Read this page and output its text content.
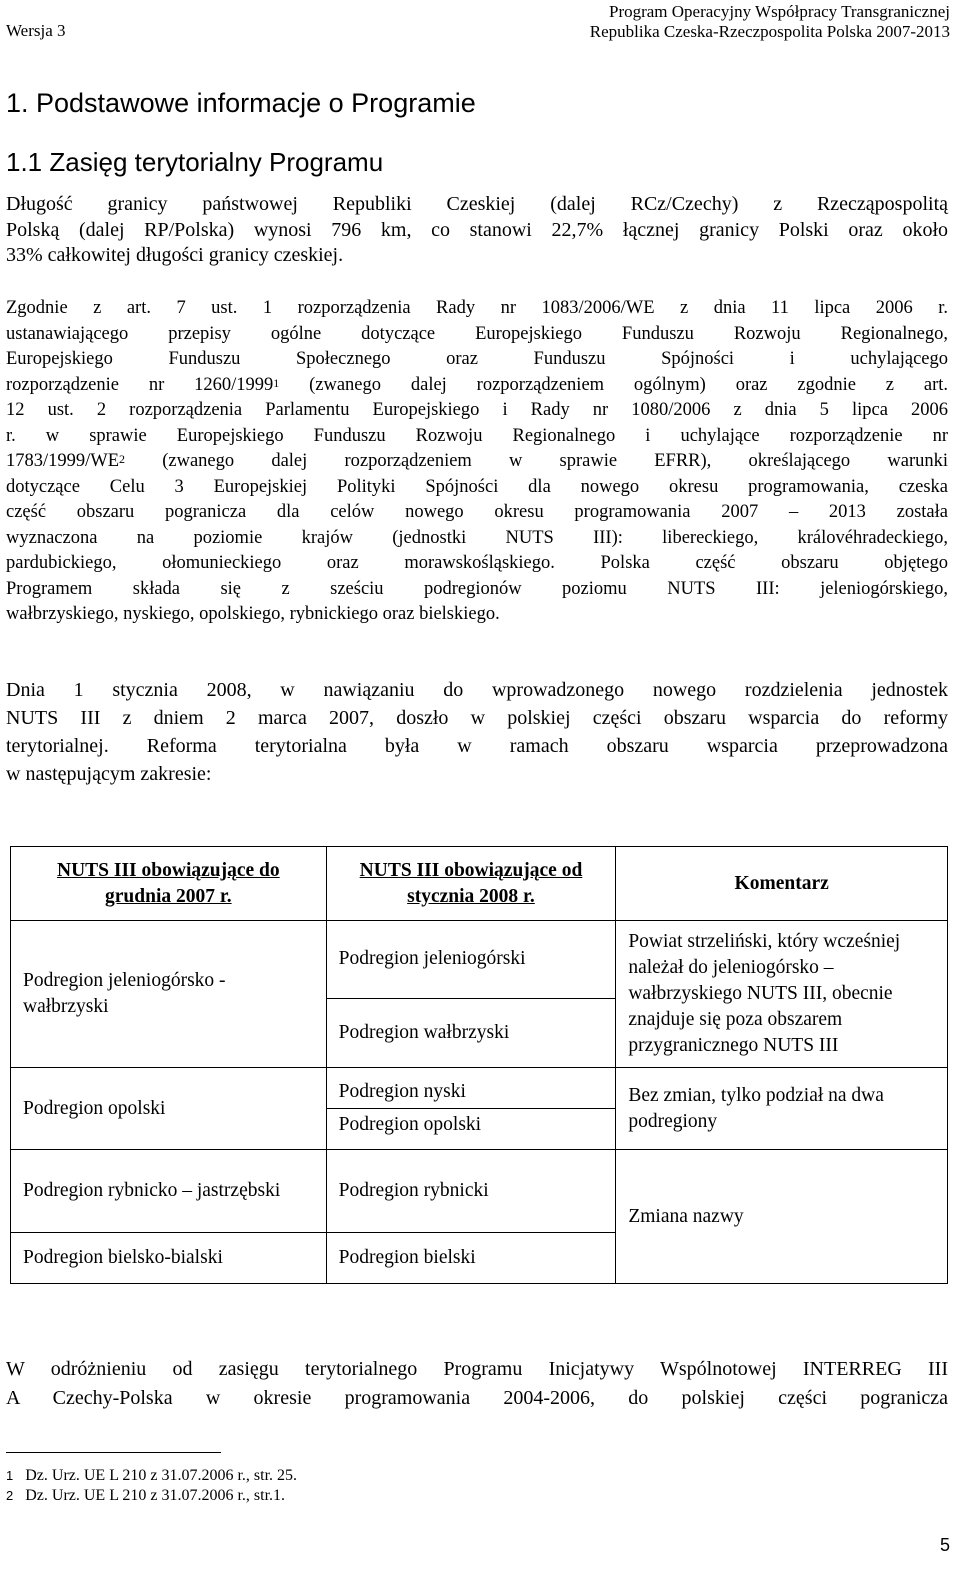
Wersja 3
Program Operacyjny Współpracy Transgranicznej
Republika Czeska-Rzeczpospolita Polska 2007-2013
1. Podstawowe informacje o Programie
1.1 Zasięg terytorialny Programu
Długość granicy państwowej Republiki Czeskiej (dalej RCz/Czechy) z Rzecząpospolitą
Polską (dalej RP/Polska) wynosi 796 km, co stanowi 22,7% łącznej granicy Polski oraz około
33% całkowitej długości granicy czeskiej.
Zgodnie z art. 7 ust. 1 rozporządzenia Rady nr 1083/2006/WE z dnia 11 lipca 2006 r.
ustanawiającego przepisy ogólne dotyczące Europejskiego Funduszu Rozwoju Regionalnego,
Europejskiego Funduszu Społecznego oraz Funduszu Spójności i uchylającego
rozporządzenie nr 1260/1999$^1$ (zwanego dalej rozporządzeniem ogólnym) oraz zgodnie z art.
12 ust. 2 rozporządzenia Parlamentu Europejskiego i Rady nr 1080/2006 z dnia 5 lipca 2006
r. w sprawie Europejskiego Funduszu Rozwoju Regionalnego i uchylające rozporządzenie nr
$1783/1999/WE^2$ (zwanego dalej rozporządzeniem w sprawie EFRR), określającego warunki
dotyczące Celu 3 Europejskiej Polityki Spójności dla nowego okresu programowania, czeska
część obszaru pogranicza dla celów nowego okresu programowania 2007 – 2013 została
wyznaczona na poziomie krajów (jednostki NUTS III): libereckiego, královéhradeckiego,
pardubickiego, ołomunieckiego oraz morawskośląskiego. Polska część obszaru objętego
Programem składa się z sześciu podregionów poziomu NUTS III: jeleniogórskiego,
wałbrzyskiego, nyskiego, opolskiego, rybnickiego oraz bielskiego.
Dnia 1 stycznia 2008, w nawiązaniu do wprowadzonego nowego rozdzielenia jednostek
NUTS III z dniem 2 marca 2007, doszło w polskiej części obszaru wsparcia do reformy
terytorialnej. Reforma terytorialna była w ramach obszaru wsparcia przeprowadzona
w następującym zakresie:
NUTS III obowiązujące do grudnia 2007 r.	NUTS III obowiązujące od stycznia 2008 r.	Komentarz

Podregion jeleniogórsko - wałbrzyski	Podregion jeleniogórski	Powiat strzeliński, który wcześniej należał do jeleniogórsko – wałbrzyskiego NUTS III, obecnie znajduje się poza obszarem przygranicznego NUTS III

	Podregion wałbrzyski	

Podregion opolski	Podregion nyski	Bez zmian, tylko podział na dwa podregiony

	Podregion opolski	

Podregion rybnicko – jastrzębski	Podregion rybnicki	Zmiana nazwy

Podregion bielsko-bialski	Podregion bielski	
W odróżnieniu od zasięgu terytorialnego Programu Inicjatywy Wspólnotowej INTERREG III
A Czechy-Polska w okresie programowania 2004-2006, do polskiej części pogranicza
$^1$ Dz. Urz. UE L 210 z 31.07.2006 r., str. 25.
$^2$ Dz. Urz. UE L 210 z 31.07.2006 r., str.1.
5
